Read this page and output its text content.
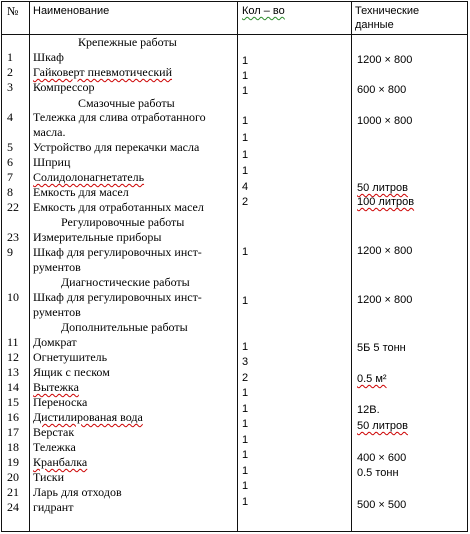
№ Наименование	Кол – во	Технические
данные
Крепежные работы
Смазочные работы
Регулировочные работы
Диагностические работы
Дополнительные работы
Шкаф
Гайковерт пневмотический
Компрессор
Тележка для слива отработанного
масла.
Устройство для перекачки масла
Шприц
Солидолонагнетатель
Емкость для масел
Емкость для отработанных масел
Измерительные приборы
Шкаф для регулировочных инст-
рументов
Шкаф для регулировочных инст-
рументов
Домкрат
Огнетушитель
Ящик с песком
Вытежка
Переноска
Дистилированая вода
Верстак
Тележка
Кранбалка
Тиски
Ларь для отходов
гидрант
1
2
3
4
5
6
7
8
22
23
9
10
11
12
13
14
15
16
17
18
19
20
21
24
1
1
1
1
1
1
1
4
2
1
1
1
3
2
1
1
1
1
1
1
1
1
1200 × 800
600 × 800
1000 × 800
50 литров
100 литров
1200 × 800
1200 × 800
5Б 5 тонн
0.5 м²
12В.
50 литров
400 × 600
0.5 тонн
500 × 500
